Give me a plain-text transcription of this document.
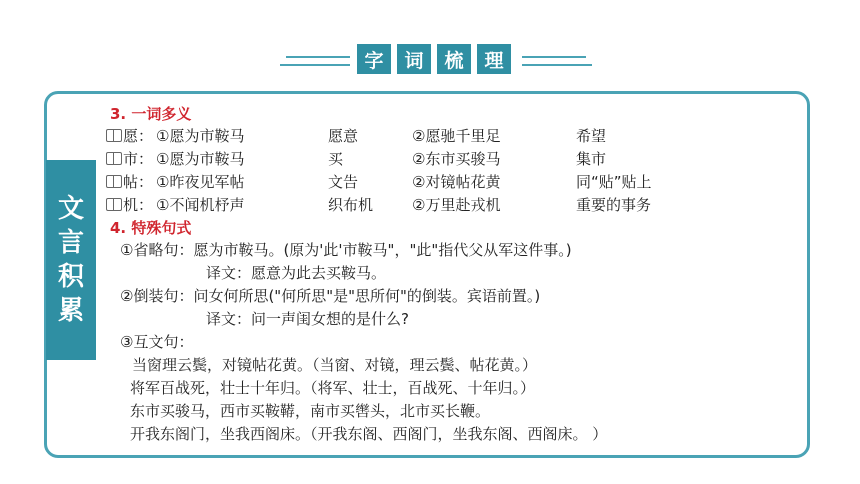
字	词	梳	理
文
言
积
累
3. 一词多义
愿： ①愿为市鞍马	愿意	②愿驰千里足	希望
市： ①愿为市鞍马	买	②东市买骏马	集市
帖： ①昨夜见军帖	文告	②对镜帖花黄	同“贴”贴上
机： ①不闻机杼声	织布机	②万里赴戎机	重要的事务
4. 特殊句式
①省略句：愿为市鞍马。(原为'此'市鞍马"，"此"指代父从军这件事。)
译文：愿意为此去买鞍马。
②倒装句：问女何所思("何所思"是"思所何"的倒装。宾语前置。)
译文：问一声闺女想的是什么?
③互文句：
当窗理云鬓，对镜帖花黄。（当窗、对镜，理云鬓、帖花黄。）
将军百战死，壮士十年归。（将军、壮士，百战死、十年归。）
东市买骏马，西市买鞍鞯，南市买辔头，北市买长鞭。
开我东阁门，坐我西阁床。（开我东阁、西阁门，坐我东阁、西阁床。 ）
